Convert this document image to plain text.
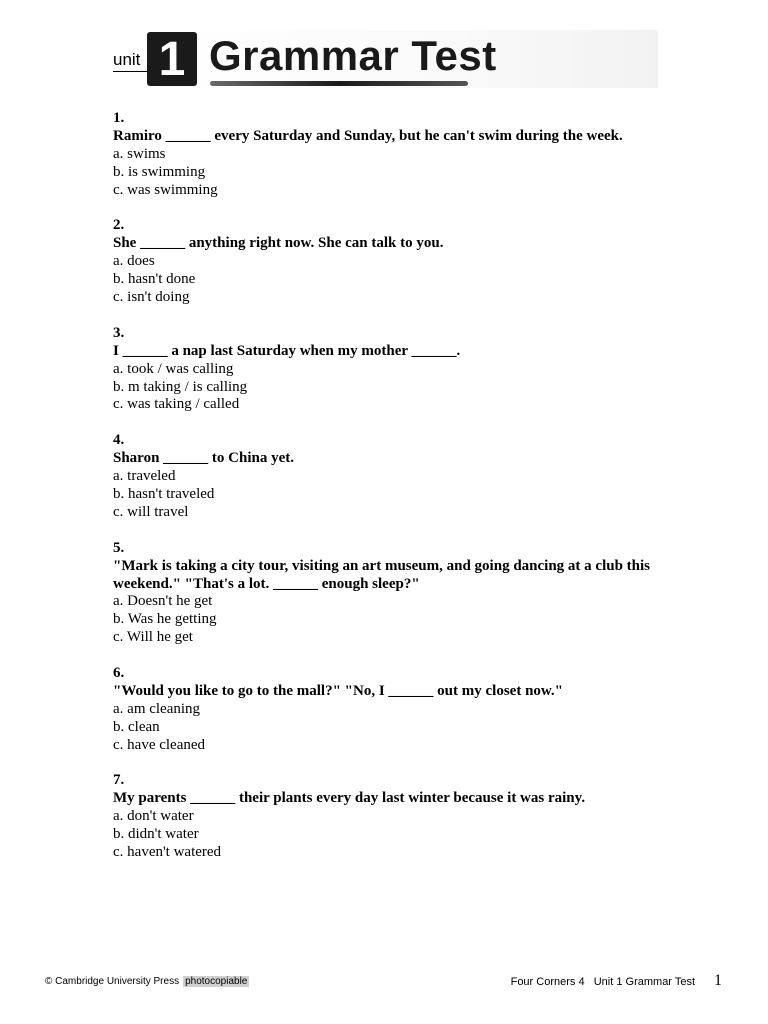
unit 1 Grammar Test
1.
Ramiro ______ every Saturday and Sunday, but he can't swim during the week.
a. swims
b. is swimming
c. was swimming
2.
She ______ anything right now. She can talk to you.
a. does
b. hasn't done
c. isn't doing
3.
I ______ a nap last Saturday when my mother ______.
a. took / was calling
b. m taking / is calling
c. was taking / called
4.
Sharon ______ to China yet.
a. traveled
b. hasn't traveled
c. will travel
5.
"Mark is taking a city tour, visiting an art museum, and going dancing at a club this weekend." "That's a lot. ______ enough sleep?"
a. Doesn't he get
b. Was he getting
c. Will he get
6.
"Would you like to go to the mall?" "No, I ______ out my closet now."
a. am cleaning
b. clean
c. have cleaned
7.
My parents ______ their plants every day last winter because it was rainy.
a. don't water
b. didn't water
c. haven't watered
© Cambridge University Press photocopiable	Four Corners 4   Unit 1 Grammar Test 1
